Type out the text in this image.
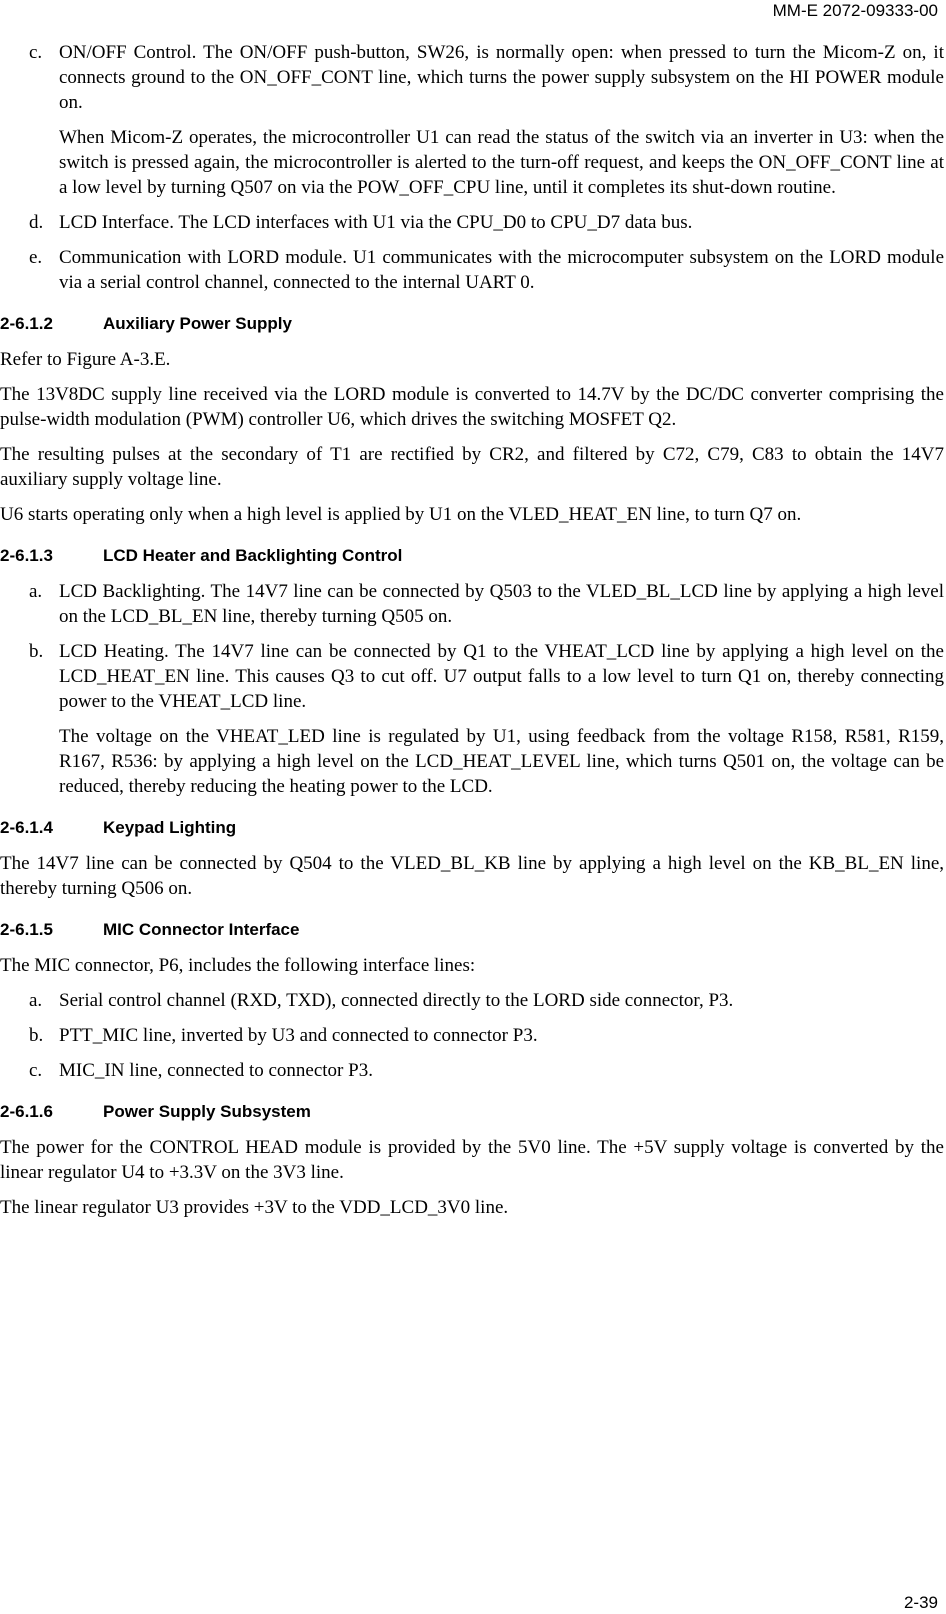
MM-E 2072-09333-00
c. ON/OFF Control. The ON/OFF push-button, SW26, is normally open: when pressed to turn the Micom-Z on, it connects ground to the ON_OFF_CONT line, which turns the power supply subsystem on the HI POWER module on.
When Micom-Z operates, the microcontroller U1 can read the status of the switch via an inverter in U3: when the switch is pressed again, the microcontroller is alerted to the turn-off request, and keeps the ON_OFF_CONT line at a low level by turning Q507 on via the POW_OFF_CPU line, until it completes its shut-down routine.
d. LCD Interface. The LCD interfaces with U1 via the CPU_D0 to CPU_D7 data bus.
e. Communication with LORD module. U1 communicates with the microcomputer subsystem on the LORD module via a serial control channel, connected to the internal UART 0.
2-6.1.2	Auxiliary Power Supply

Refer to Figure A-3.E.

The 13V8DC supply line received via the LORD module is converted to 14.7V by the DC/DC converter comprising the pulse-width modulation (PWM) controller U6, which drives the switching MOSFET Q2.

The resulting pulses at the secondary of T1 are rectified by CR2, and filtered by C72, C79, C83 to obtain the 14V7 auxiliary supply voltage line.

U6 starts operating only when a high level is applied by U1 on the VLED_HEAT_EN line, to turn Q7 on.

2-6.1.3	LCD Heater and Backlighting Control
a. LCD Backlighting. The 14V7 line can be connected by Q503 to the VLED_BL_LCD line by applying a high level on the LCD_BL_EN line, thereby turning Q505 on.
b. LCD Heating. The 14V7 line can be connected by Q1 to the VHEAT_LCD line by applying a high level on the LCD_HEAT_EN line. This causes Q3 to cut off. U7 output falls to a low level to turn Q1 on, thereby connecting power to the VHEAT_LCD line.
The voltage on the VHEAT_LED line is regulated by U1, using feedback from the voltage R158, R581, R159, R167, R536: by applying a high level on the LCD_HEAT_LEVEL line, which turns Q501 on, the voltage can be reduced, thereby reducing the heating power to the LCD.
2-6.1.4	Keypad Lighting

The 14V7 line can be connected by Q504 to the VLED_BL_KB line by applying a high level on the KB_BL_EN line, thereby turning Q506 on.

2-6.1.5	MIC Connector Interface

The MIC connector, P6, includes the following interface lines:

a. Serial control channel (RXD, TXD), connected directly to the LORD side connector, P3.
b. PTT_MIC line, inverted by U3 and connected to connector P3.
c. MIC_IN line, connected to connector P3.
2-6.1.6	Power Supply Subsystem

The power for the CONTROL HEAD module is provided by the 5V0 line. The +5V supply voltage is converted by the linear regulator U4 to +3.3V on the 3V3 line.

The linear regulator U3 provides +3V to the VDD_LCD_3V0 line.

2-39
